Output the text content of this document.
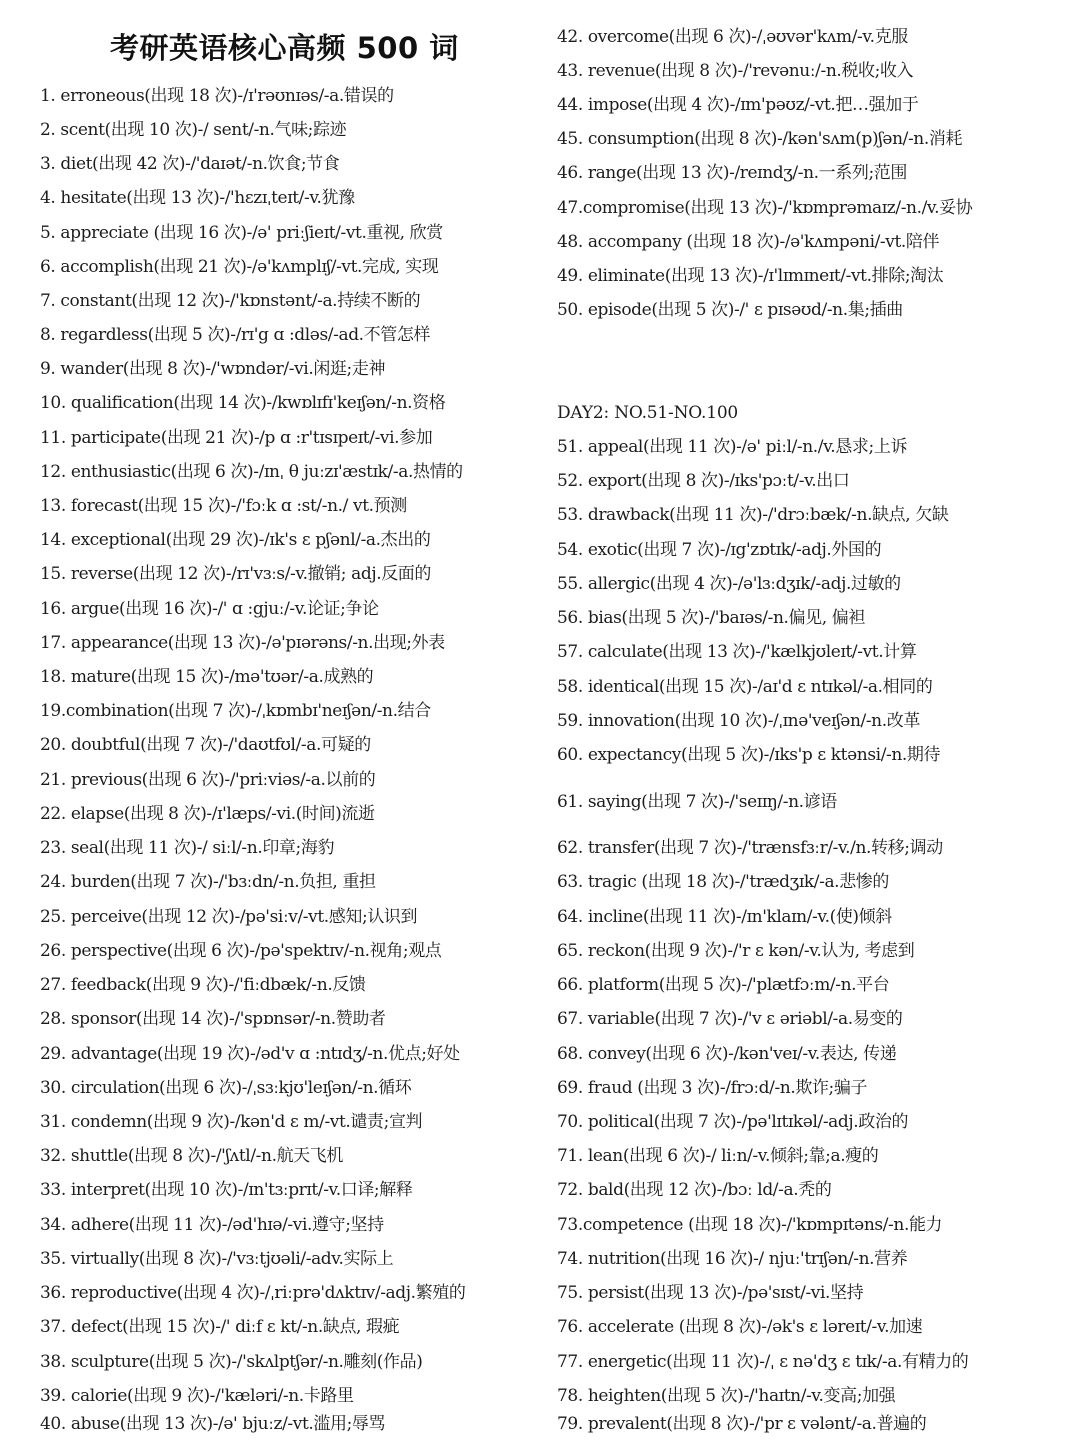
考研英语核心高频 500 词
1. erroneous(出现 18 次)-/ɪ'rəʊnɪəs/-a.错误的
2. scent(出现 10 次)-/ sent/-n.气味;踪迹
3. diet(出现 42 次)-/'daɪət/-n.饮食;节食
4. hesitate(出现 13 次)-/'hɛzɪˌteɪt/-v.犹豫
5. appreciate (出现 16 次)-/ə' priːʃieɪt/-vt.重视, 欣赏
6. accomplish(出现 21 次)-/ə'kʌmplɪʃ/-vt.完成, 实现
7. constant(出现 12 次)-/'kɒnstənt/-a.持续不断的
8. regardless(出现 5 次)-/rɪ'g ɑ :dləs/-ad.不管怎样
9. wander(出现 8 次)-/'wɒndər/-vi.闲逛;走神
10. qualification(出现 14 次)-/kwɒlɪfɪ'keɪʃən/-n.资格
11. participate(出现 21 次)-/p ɑ :r'tɪsɪpeɪt/-vi.参加
12. enthusiastic(出现 6 次)-/ɪnˌ θ juːzɪ'æstɪk/-a.热情的
13. forecast(出现 15 次)-/'fɔːk ɑ :st/-n./ vt.预测
14. exceptional(出现 29 次)-/ɪk's ɛ pʃənl/-a.杰出的
15. reverse(出现 12 次)-/rɪ'vɜːs/-v.撤销; adj.反面的
16. argue(出现 16 次)-/' ɑ :gjuː/-v.论证;争论
17. appearance(出现 13 次)-/ə'pɪərəns/-n.出现;外表
18. mature(出现 15 次)-/mə'tʊər/-a.成熟的
19.combination(出现 7 次)-/ˌkɒmbɪ'neɪʃən/-n.结合
20. doubtful(出现 7 次)-/'daʊtfʊl/-a.可疑的
21. previous(出现 6 次)-/'priːviəs/-a.以前的
22. elapse(出现 8 次)-/ɪ'læps/-vi.(时间)流逝
23. seal(出现 11 次)-/ siːl/-n.印章;海豹
24. burden(出现 7 次)-/'bɜːdn/-n.负担, 重担
25. perceive(出现 12 次)-/pə'siːv/-vt.感知;认识到
26. perspective(出现 6 次)-/pə'spektɪv/-n.视角;观点
27. feedback(出现 9 次)-/'fiːdbæk/-n.反馈
28. sponsor(出现 14 次)-/'spɒnsər/-n.赞助者
29. advantage(出现 19 次)-/əd'v ɑ :ntɪdʒ/-n.优点;好处
30. circulation(出现 6 次)-/ˌsɜːkjʊ'leɪʃən/-n.循环
31. condemn(出现 9 次)-/kən'd ɛ m/-vt.谴责;宣判
32. shuttle(出现 8 次)-/'ʃʌtl/-n.航天飞机
33. interpret(出现 10 次)-/ɪn'tɜːprɪt/-v.口译;解释
34. adhere(出现 11 次)-/əd'hɪə/-vi.遵守;坚持
35. virtually(出现 8 次)-/'vɜːtjʊəli/-adv.实际上
36. reproductive(出现 4 次)-/ˌriːprə'dʌktɪv/-adj.繁殖的
37. defect(出现 15 次)-/' diːf ɛ kt/-n.缺点, 瑕疵
38. sculpture(出现 5 次)-/'skʌlptʃər/-n.雕刻(作品)
39. calorie(出现 9 次)-/'kæləri/-n.卡路里
40. abuse(出现 13 次)-/ə' bjuːz/-vt.滥用;辱骂
42. overcome(出现 6 次)-/ˌəʊvər'kʌm/-v.克服
43. revenue(出现 8 次)-/'revənuː/-n.税收;收入
44. impose(出现 4 次)-/ɪm'pəʊz/-vt.把…强加于
45. consumption(出现 8 次)-/kən'sʌm(p)ʃən/-n.消耗
46. range(出现 13 次)-/reɪndʒ/-n.一系列;范围
47.compromise(出现 13 次)-/'kɒmprəmaɪz/-n./v.妥协
48. accompany (出现 18 次)-/ə'kʌmpəni/-vt.陪伴
49. eliminate(出现 13 次)-/ɪ'lɪmɪneɪt/-vt.排除;淘汰
50. episode(出现 5 次)-/' ɛ pɪsəʊd/-n.集;插曲
DAY2: NO.51-NO.100
51. appeal(出现 11 次)-/ə' piːl/-n./v.恳求;上诉
52. export(出现 8 次)-/ɪks'pɔːt/-v.出口
53. drawback(出现 11 次)-/'drɔːbæk/-n.缺点, 欠缺
54. exotic(出现 7 次)-/ɪg'zɒtɪk/-adj.外国的
55. allergic(出现 4 次)-/ə'lɜːdʒɪk/-adj.过敏的
56. bias(出现 5 次)-/'baɪəs/-n.偏见, 偏袒
57. calculate(出现 13 次)-/'kælkjʊleɪt/-vt.计算
58. identical(出现 15 次)-/aɪ'd ɛ ntɪkəl/-a.相同的
59. innovation(出现 10 次)-/ˌɪnə'veɪʃən/-n.改革
60. expectancy(出现 5 次)-/ɪks'p ɛ ktənsi/-n.期待
61. saying(出现 7 次)-/'seɪɪŋ/-n.谚语
62. transfer(出现 7 次)-/'trænsfɜːr/-v./n.转移;调动
63. tragic (出现 18 次)-/'trædʒɪk/-a.悲惨的
64. incline(出现 11 次)-/ɪn'klaɪn/-v.(使)倾斜
65. reckon(出现 9 次)-/'r ɛ kən/-v.认为, 考虑到
66. platform(出现 5 次)-/'plætfɔːm/-n.平台
67. variable(出现 7 次)-/'v ɛ əriəbl/-a.易变的
68. convey(出现 6 次)-/kən'veɪ/-v.表达, 传递
69. fraud (出现 3 次)-/frɔːd/-n.欺诈;骗子
70. political(出现 7 次)-/pə'lɪtɪkəl/-adj.政治的
71. lean(出现 6 次)-/ liːn/-v.倾斜;靠;a.瘦的
72. bald(出现 12 次)-/bɔː ld/-a.秃的
73.competence (出现 18 次)-/'kɒmpɪtəns/-n.能力
74. nutrition(出现 16 次)-/ njuː'trɪʃən/-n.营养
75. persist(出现 13 次)-/pə'sɪst/-vi.坚持
76. accelerate (出现 8 次)-/ək's ɛ ləreɪt/-v.加速
77. energetic(出现 11 次)-/ˌ ɛ nə'dʒ ɛ tɪk/-a.有精力的
78. heighten(出现 5 次)-/'haɪtn/-v.变高;加强
79. prevalent(出现 8 次)-/'pr ɛ vələnt/-a.普遍的
